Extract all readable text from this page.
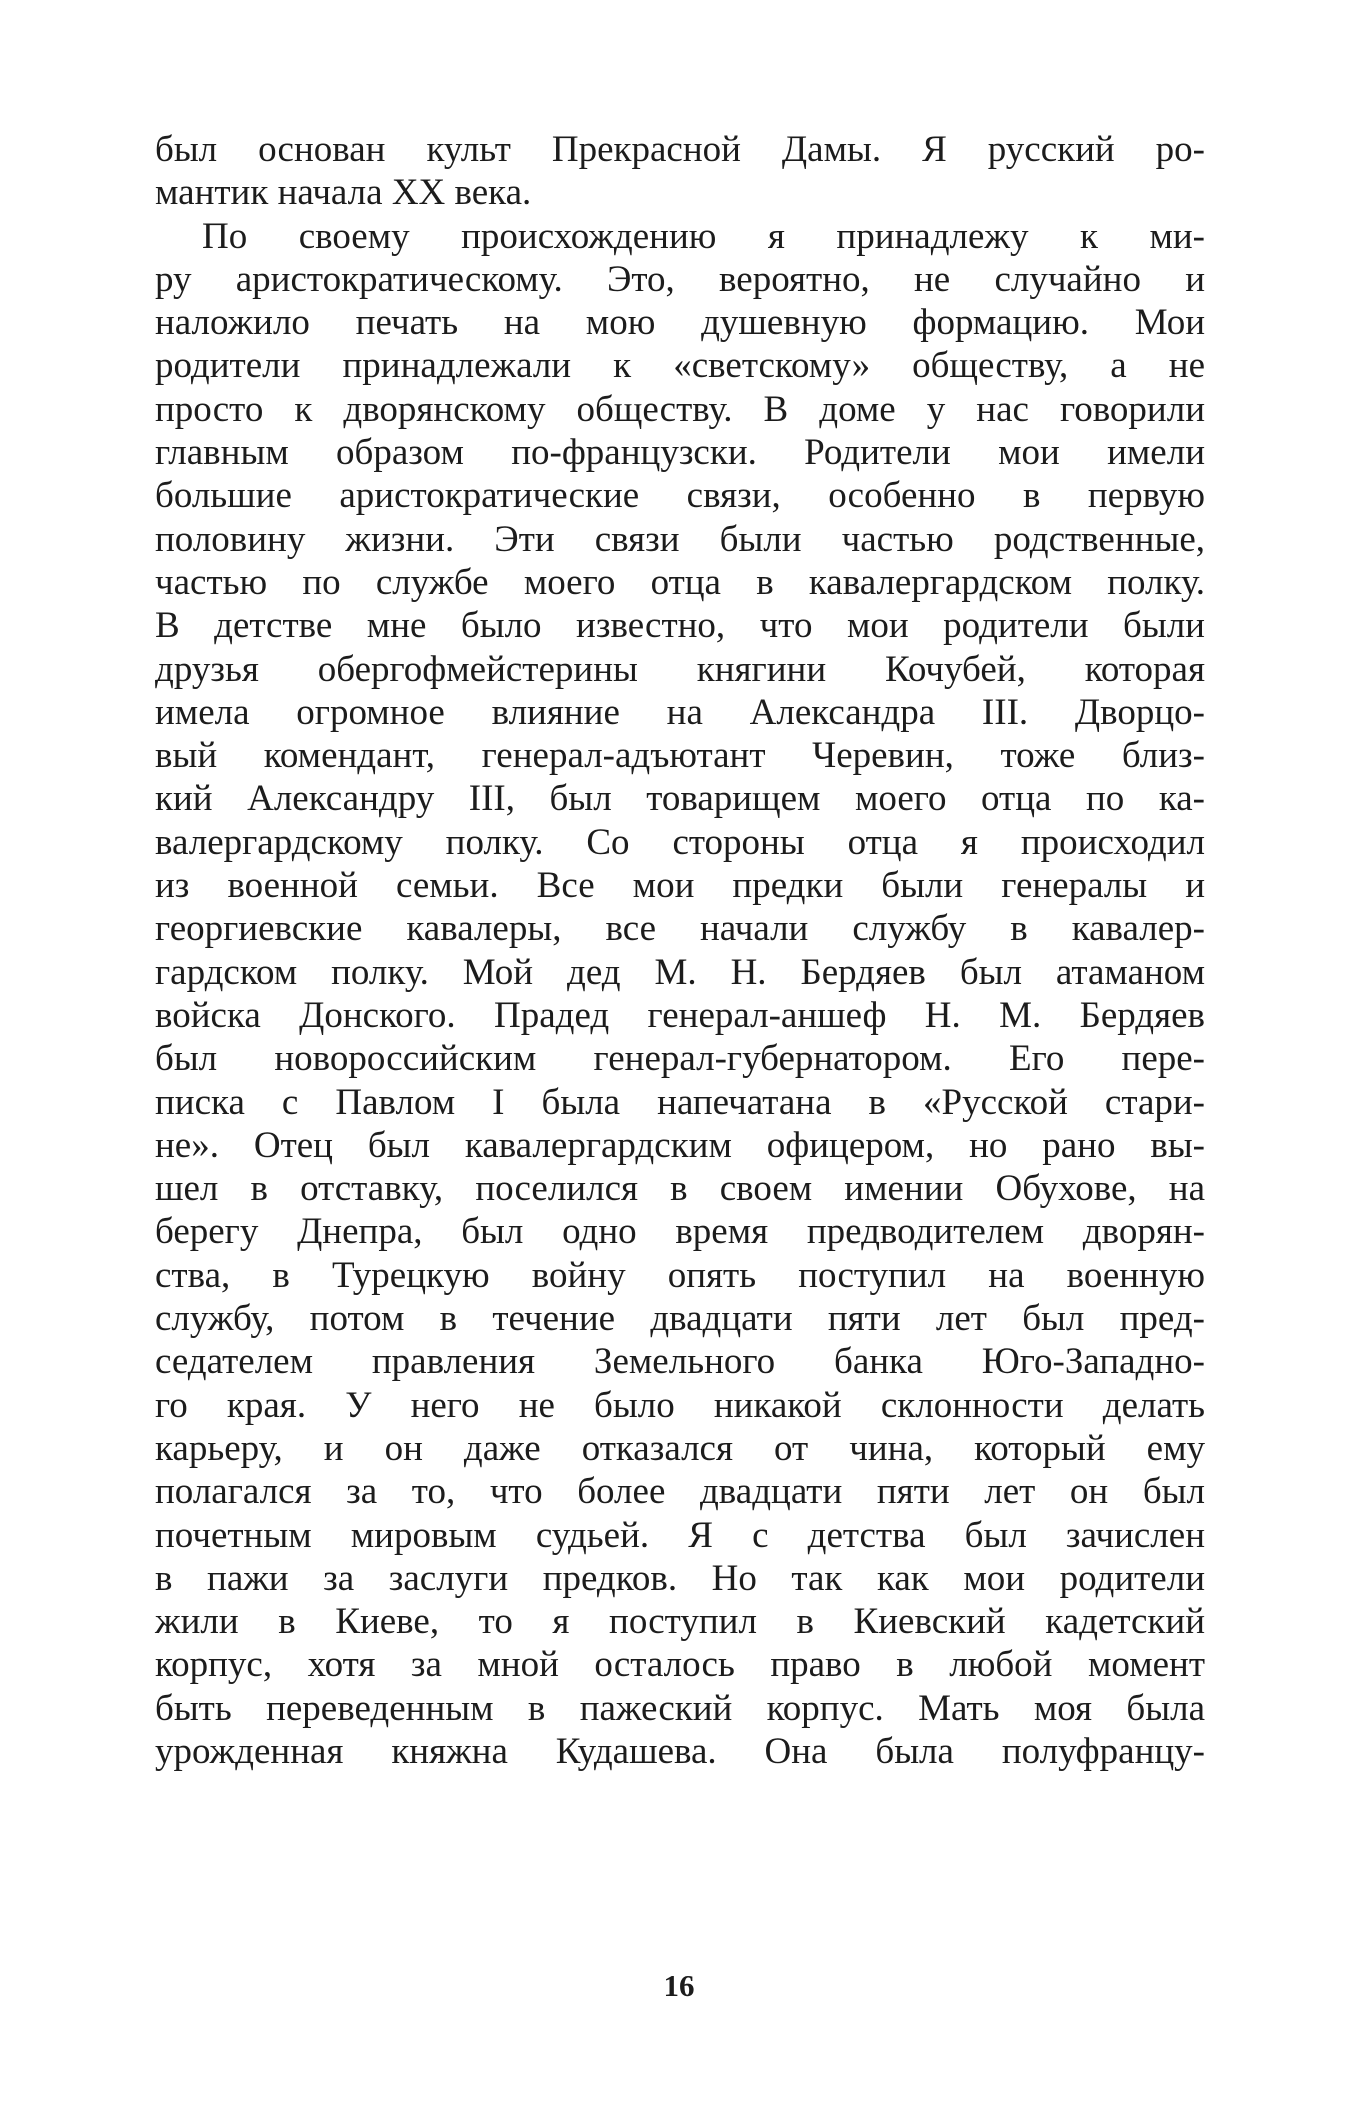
был основан культ Прекрасной Дамы. Я русский ро-
мантик начала XX века.
По своему происхождению я принадлежу к ми-
ру аристократическому. Это, вероятно, не случайно и
наложило печать на мою душевную формацию. Мои
родители принадлежали к «светскому» обществу, а не
просто к дворянскому обществу. В доме у нас говорили
главным образом по-французски. Родители мои имели
большие аристократические связи, особенно в первую
половину жизни. Эти связи были частью родственные,
частью по службе моего отца в кавалергардском полку.
В детстве мне было известно, что мои родители были
друзья обергофмейстерины княгини Кочубей, которая
имела огромное влияние на Александра III. Дворцо-
вый комендант, генерал-адъютант Черевин, тоже близ-
кий Александру III, был товарищем моего отца по ка-
валергардскому полку. Со стороны отца я происходил
из военной семьи. Все мои предки были генералы и
георгиевские кавалеры, все начали службу в кавалер-
гардском полку. Мой дед М. Н. Бердяев был атаманом
войска Донского. Прадед генерал-аншеф Н. М. Бердяев
был новороссийским генерал-губернатором. Его пере-
писка с Павлом I была напечатана в «Русской стари-
не». Отец был кавалергардским офицером, но рано вы-
шел в отставку, поселился в своем имении Обухове, на
берегу Днепра, был одно время предводителем дворян-
ства, в Турецкую войну опять поступил на военную
службу, потом в течение двадцати пяти лет был пред-
седателем правления Земельного банка Юго-Западно-
го края. У него не было никакой склонности делать
карьеру, и он даже отказался от чина, который ему
полагался за то, что более двадцати пяти лет он был
почетным мировым судьей. Я с детства был зачислен
в пажи за заслуги предков. Но так как мои родители
жили в Киеве, то я поступил в Киевский кадетский
корпус, хотя за мной осталось право в любой момент
быть переведенным в пажеский корпус. Мать моя была
урожденная княжна Кудашева. Она была полуфранцу-
16
